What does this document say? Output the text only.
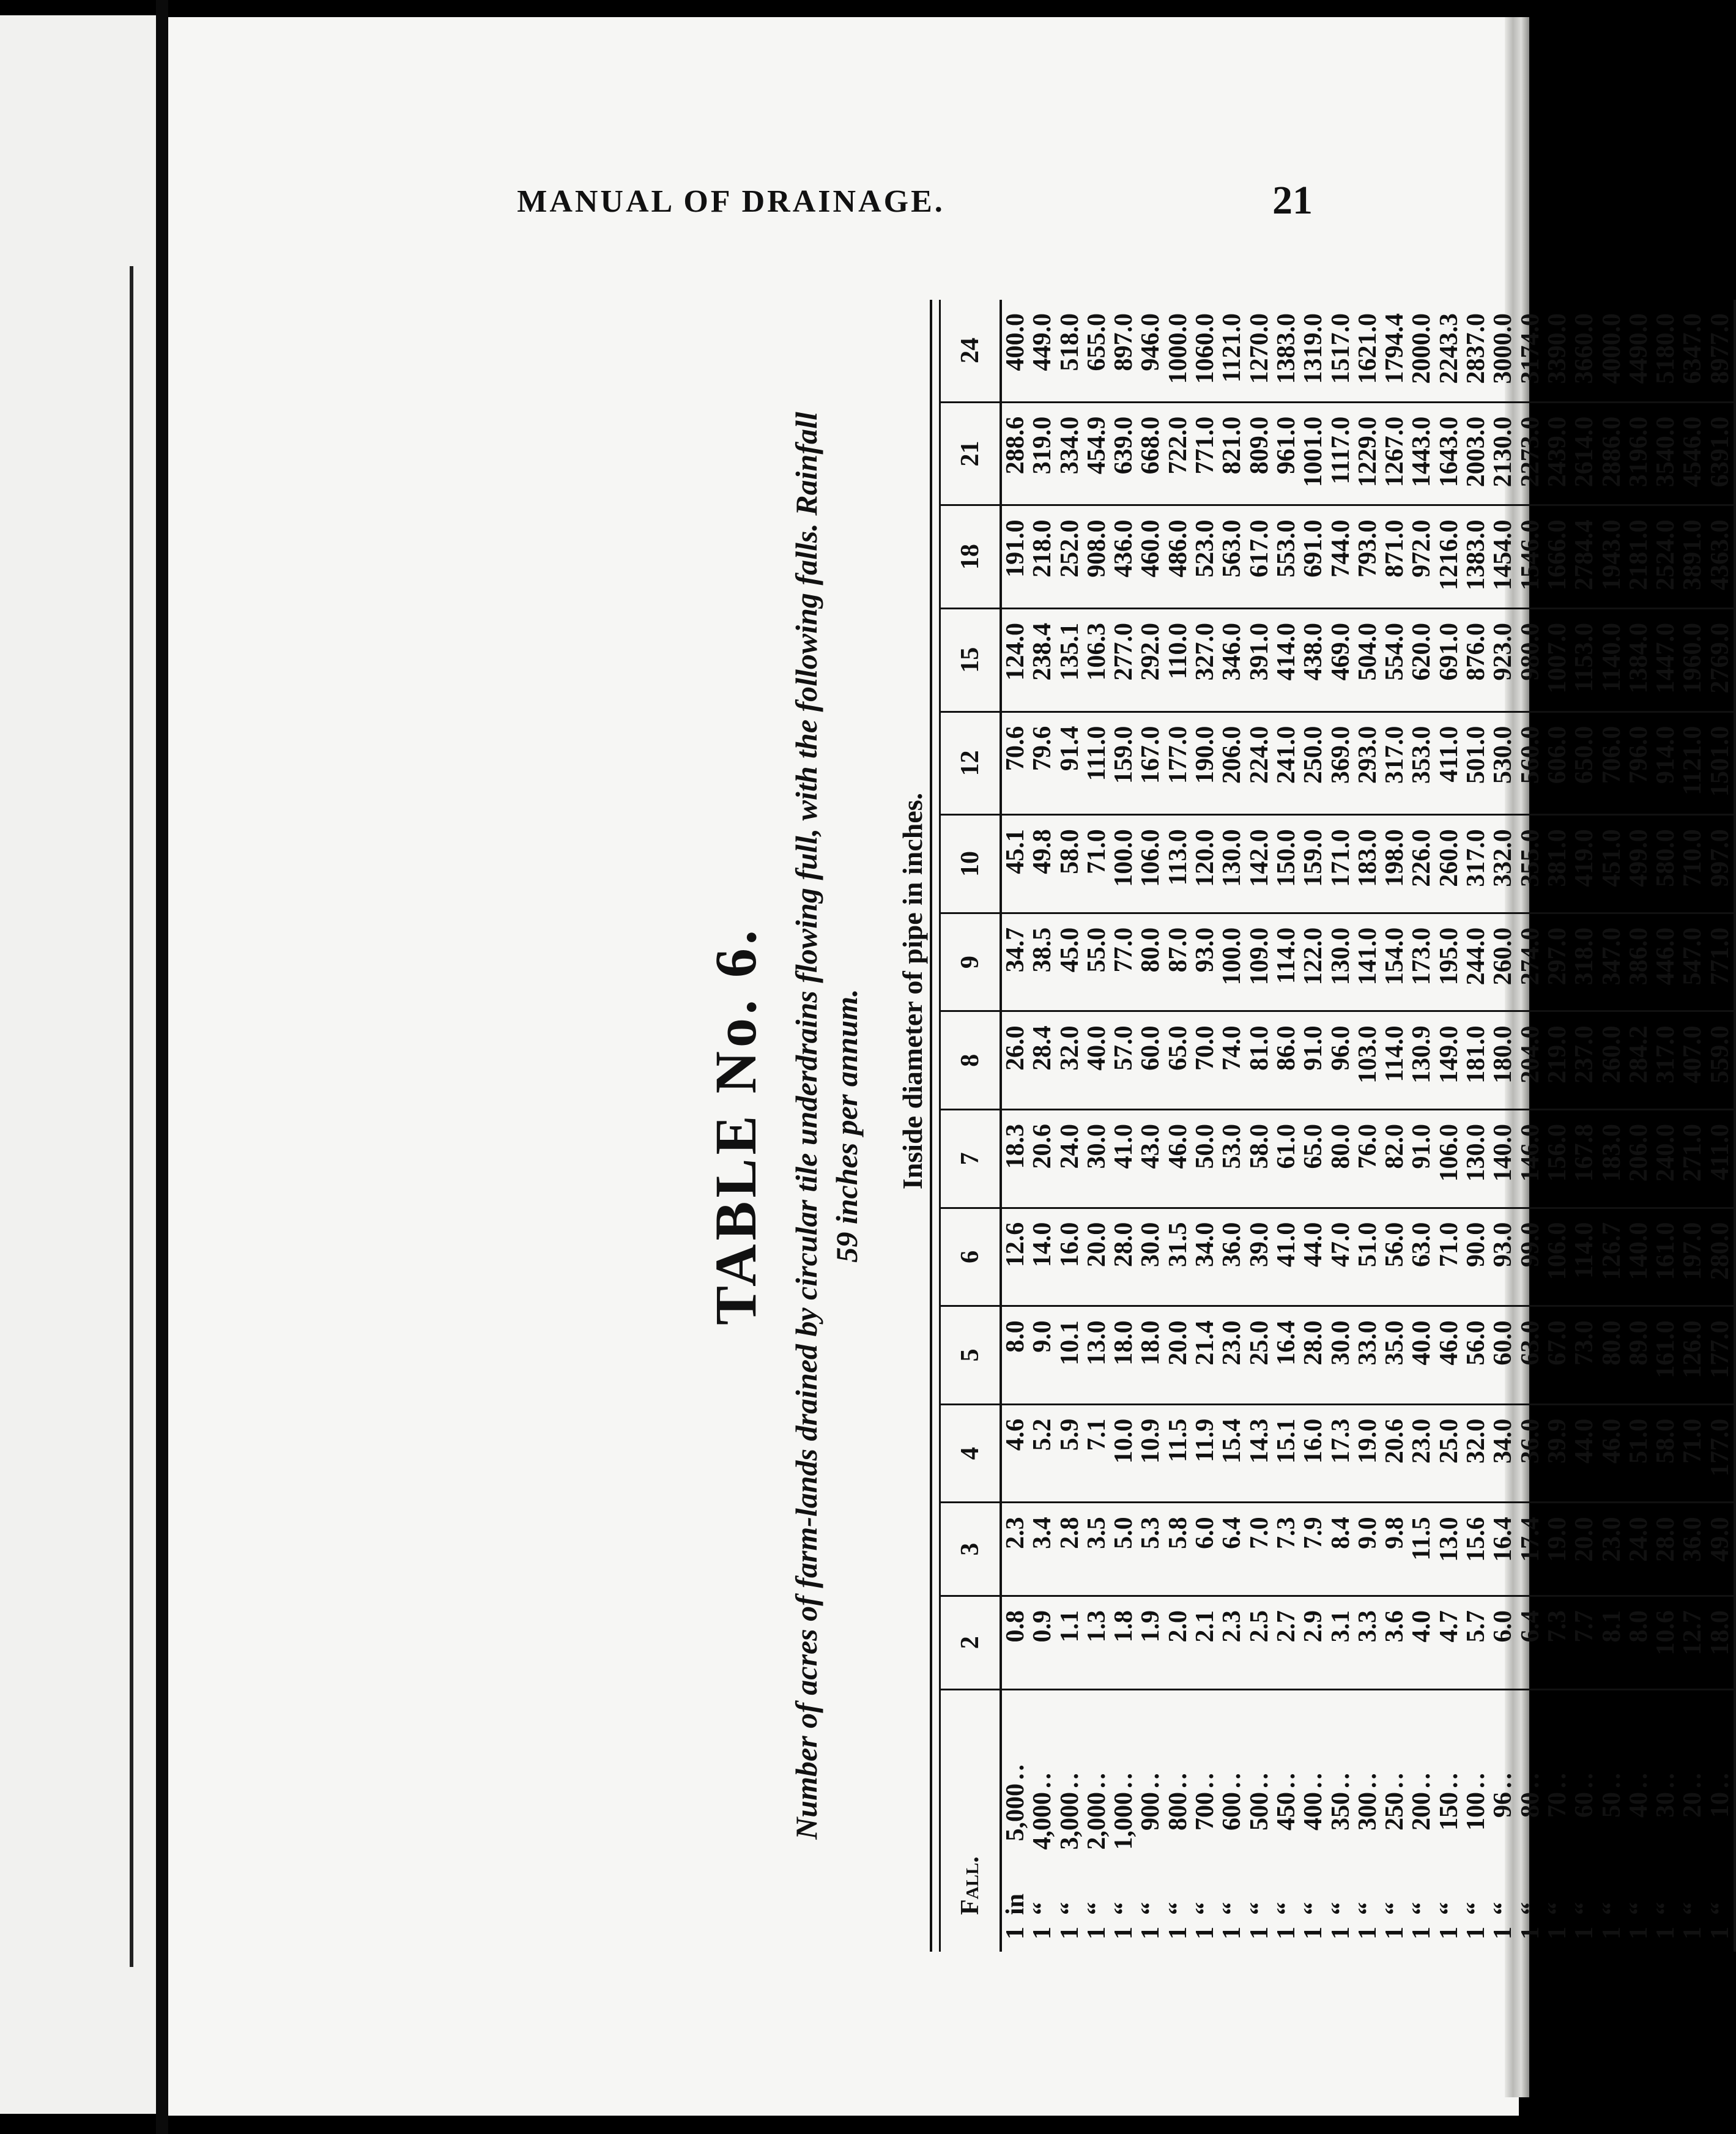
MANUAL OF DRAINAGE.	21
TABLE No. 6. Number of acres of farm-lands drained by circular tile underdrains flowing full, with the following falls. Rainfall 59 inches per annum. Inside diameter of pipe in inches.
Fall.	2	3	4	5	6	7	8	9	10	12	15	18	21	24
1in5,000..	0.8	2.3	4.6	8.0	12.6	18.3	26.0	34.7	45.1	70.6	124.0	191.0	288.6	400.0
1“4,000..	0.9	3.4	5.2	9.0	14.0	20.6	28.4	38.5	49.8	79.6	238.4	218.0	319.0	449.0
1“3,000..	1.1	2.8	5.9	10.1	16.0	24.0	32.0	45.0	58.0	91.4	135.1	252.0	334.0	518.0
1“2,000..	1.3	3.5	7.1	13.0	20.0	30.0	40.0	55.0	71.0	111.0	106.3	908.0	454.9	655.0
1“1,000..	1.8	5.0	10.0	18.0	28.0	41.0	57.0	77.0	100.0	159.0	277.0	436.0	639.0	897.0
1“900..	1.9	5.3	10.9	18.0	30.0	43.0	60.0	80.0	106.0	167.0	292.0	460.0	668.0	946.0
1“800..	2.0	5.8	11.5	20.0	31.5	46.0	65.0	87.0	113.0	177.0	110.0	486.0	722.0	1000.0
1“700..	2.1	6.0	11.9	21.4	34.0	50.0	70.0	93.0	120.0	190.0	327.0	523.0	771.0	1060.0
1“600..	2.3	6.4	15.4	23.0	36.0	53.0	74.0	100.0	130.0	206.0	346.0	563.0	821.0	1121.0
1“500..	2.5	7.0	14.3	25.0	39.0	58.0	81.0	109.0	142.0	224.0	391.0	617.0	809.0	1270.0
1“450..	2.7	7.3	15.1	16.4	41.0	61.0	86.0	114.0	150.0	241.0	414.0	553.0	961.0	1383.0
1“400..	2.9	7.9	16.0	28.0	44.0	65.0	91.0	122.0	159.0	250.0	438.0	691.0	1001.0	1319.0
1“350..	3.1	8.4	17.3	30.0	47.0	80.0	96.0	130.0	171.0	369.0	469.0	744.0	1117.0	1517.0
1“300..	3.3	9.0	19.0	33.0	51.0	76.0	103.0	141.0	183.0	293.0	504.0	793.0	1229.0	1621.0
1“250..	3.6	9.8	20.6	35.0	56.0	82.0	114.0	154.0	198.0	317.0	554.0	871.0	1267.0	1794.4
1“200..	4.0	11.5	23.0	40.0	63.0	91.0	130.9	173.0	226.0	353.0	620.0	972.0	1443.0	2000.0
1“150..	4.7	13.0	25.0	46.0	71.0	106.0	149.0	195.0	260.0	411.0	691.0	1216.0	1643.0	2243.3
1“100..	5.7	15.6	32.0	56.0	90.0	130.0	181.0	244.0	317.0	501.0	876.0	1383.0	2003.0	2837.0
1“96..	6.0	16.4	34.0	60.0	93.0	140.0	180.0	260.0	332.0	530.0	923.0	1454.0	2130.0	3000.0
1“80..	6.4	17.4	36.0	63.0	99.0	146.0	204.0	274.0	355.0	560.0	980.0	1546.0	2273.0	3174.0
1“70..	7.3	19.0	39.9	67.0	106.0	156.0	219.0	297.0	381.0	606.0	1007.0	1666.0	2439.0	3390.0
1“60..	7.7	20.0	44.0	73.0	114.0	167.8	237.0	318.0	419.0	650.0	1153.0	2784.4	2614.0	3660.0
1“50..	8.1	23.0	46.0	80.0	126.7	183.0	260.0	347.0	451.0	706.0	1140.0	1943.0	2886.0	4000.0
1“40..	8.0	24.0	51.0	89.0	140.0	206.0	284.2	386.0	499.0	796.0	1384.0	2181.0	3196.0	4490.0
1“30..	10.6	28.0	58.0	161.0	161.0	240.0	317.0	446.0	580.0	914.0	1447.0	2524.0	3540.0	5180.0
1“20..	12.7	36.0	71.0	126.0	197.0	271.0	407.0	547.0	710.0	1121.0	1960.0	3891.0	4546.0	6347.0
1“10..	18.0	49.0	177.0	177.0	280.0	411.0	559.0	771.0	997.0	1501.0	2769.0	4363.0	6391.0	8977.0
